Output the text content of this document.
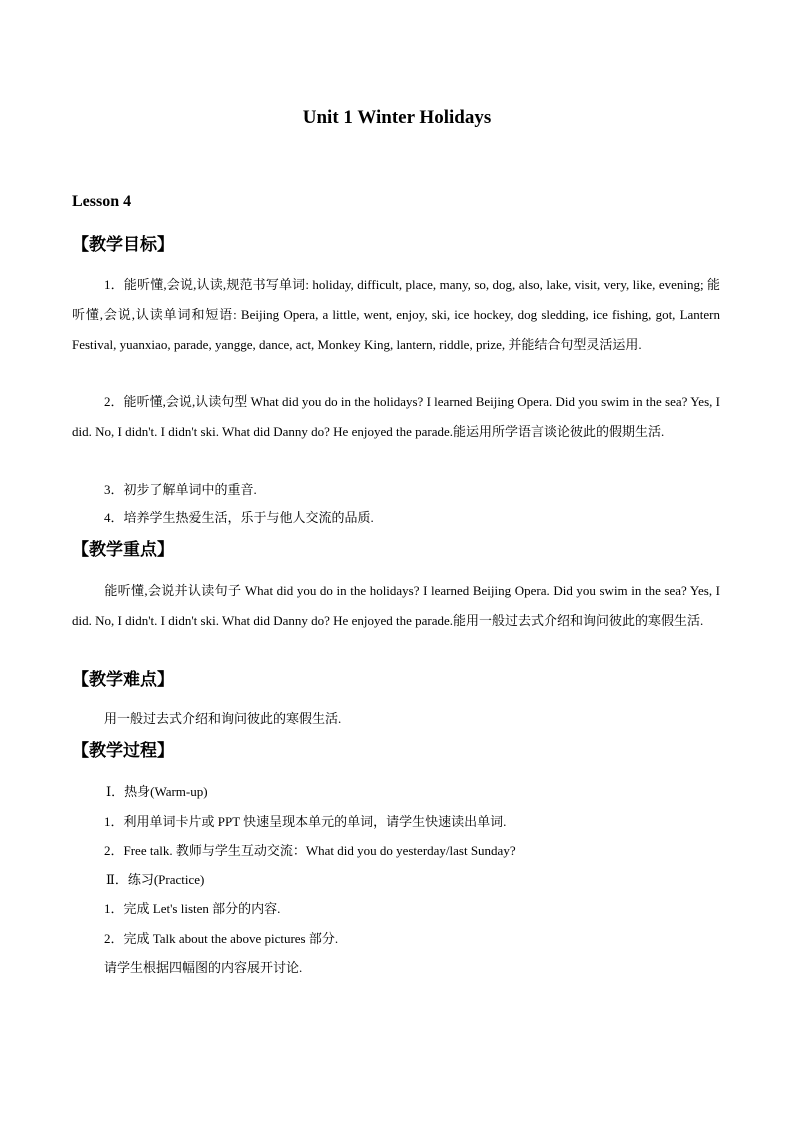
Unit 1 Winter Holidays
Lesson 4
【教学目标】
1．能听懂,会说,认读,规范书写单词: holiday, difficult, place, many, so, dog, also, lake, visit, very, like, evening; 能听懂,会说,认读单词和短语: Beijing Opera, a little, went, enjoy, ski, ice hockey, dog sledding, ice fishing, got, Lantern Festival, yuanxiao, parade, yangge, dance, act, Monkey King, lantern, riddle, prize, 并能结合句型灵活运用.
2．能听懂,会说,认读句型 What did you do in the holidays? I learned Beijing Opera. Did you swim in the sea? Yes, I did. No, I didn't. I didn't ski. What did Danny do? He enjoyed the parade.能运用所学语言谈论彼此的假期生活.
3．初步了解单词中的重音.
4．培养学生热爱生活，乐于与他人交流的品质.
【教学重点】
能听懂,会说并认读句子 What did you do in the holidays? I learned Beijing Opera. Did you swim in the sea? Yes, I did. No, I didn't. I didn't ski. What did Danny do? He enjoyed the parade.能用一般过去式介绍和询问彼此的寒假生活.
【教学难点】
用一般过去式介绍和询问彼此的寒假生活.
【教学过程】
Ⅰ．热身(Warm-up)
1．利用单词卡片或 PPT 快速呈现本单元的单词，请学生快速读出单词.
2．Free talk. 教师与学生互动交流：What did you do yesterday/last Sunday?
Ⅱ．练习(Practice)
1．完成 Let's listen 部分的内容.
2．完成 Talk about the above pictures 部分.
请学生根据四幅图的内容展开讨论.
